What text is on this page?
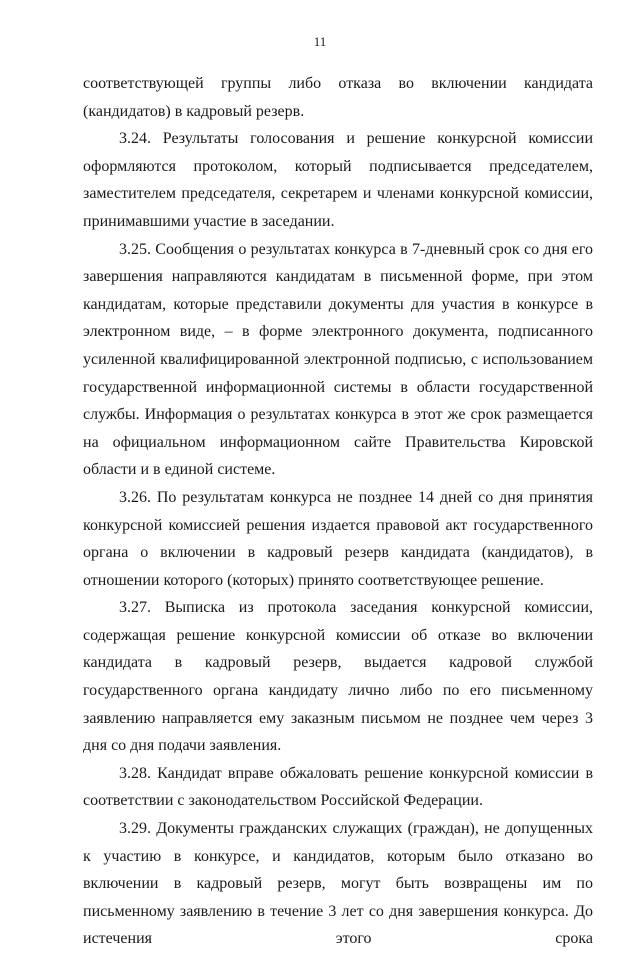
11

соответствующей группы либо отказа во включении кандидата (кандидатов) в кадровый резерв.

3.24. Результаты голосования и решение конкурсной комиссии оформляются протоколом, который подписывается председателем, заместителем председателя, секретарем и членами конкурсной комиссии, принимавшими участие в заседании.

3.25. Сообщения о результатах конкурса в 7-дневный срок со дня его завершения направляются кандидатам в письменной форме, при этом кандидатам, которые представили документы для участия в конкурсе в электронном виде, – в форме электронного документа, подписанного усиленной квалифицированной электронной подписью, с использованием государственной информационной системы в области государственной службы. Информация о результатах конкурса в этот же срок размещается на официальном информационном сайте Правительства Кировской области и в единой системе.

3.26. По результатам конкурса не позднее 14 дней со дня принятия конкурсной комиссией решения издается правовой акт государственного органа о включении в кадровый резерв кандидата (кандидатов), в отношении которого (которых) принято соответствующее решение.

3.27. Выписка из протокола заседания конкурсной комиссии, содержащая решение конкурсной комиссии об отказе во включении кандидата в кадровый резерв, выдается кадровой службой государственного органа кандидату лично либо по его письменному заявлению направляется ему заказным письмом не позднее чем через 3 дня со дня подачи заявления.

3.28. Кандидат вправе обжаловать решение конкурсной комиссии в соответствии с законодательством Российской Федерации.

3.29. Документы гражданских служащих (граждан), не допущенных к участию в конкурсе, и кандидатов, которым было отказано во включении в кадровый резерв, могут быть возвращены им по письменному заявлению в течение 3 лет со дня завершения конкурса. До истечения этого срока
